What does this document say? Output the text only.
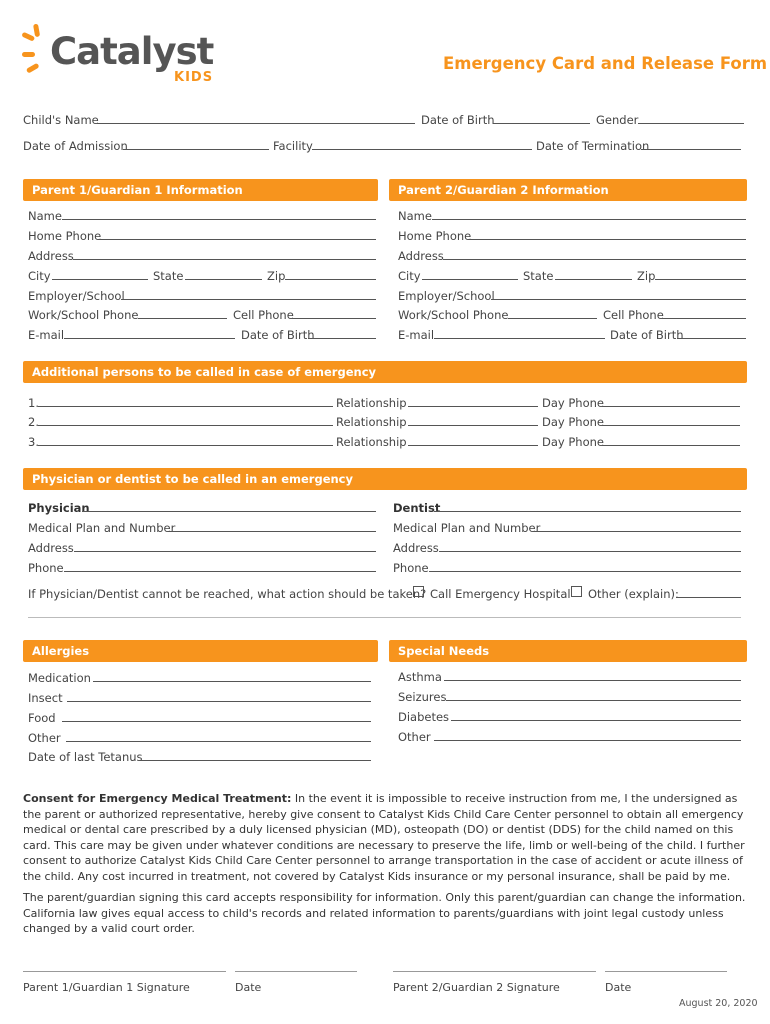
Catalyst
KIDS
Emergency Card and Release Form
Child's Name	Date of Birth	Gender
Date of Admission	Facility	Date of Termination
Parent 1/Guardian 1 Information
Name
Home Phone
Address
City	State	Zip
Employer/School
Work/School Phone	Cell Phone
E-mail	Date of Birth
Parent 2/Guardian 2 Information
Name
Home Phone
Address
City	State	Zip
Employer/School
Work/School Phone	Cell Phone
E-mail	Date of Birth
Additional persons to be called in case of emergency
1.	Relationship	Day Phone
2.	Relationship	Day Phone
3.	Relationship	Day Phone
Physician or dentist to be called in an emergency
Physician	Dentist
Medical Plan and Number	Medical Plan and Number
Address	Address
Phone	Phone
If Physician/Dentist cannot be reached, what action should be taken? Call Emergency Hospital Other (explain):
Allergies
Medication
Insect
Food
Other
Date of last Tetanus
Special Needs
Asthma
Seizures
Diabetes
Other
Consent for Emergency Medical Treatment: In the event it is impossible to receive instruction from me, I the undersigned as the parent or authorized representative, hereby give consent to Catalyst Kids Child Care Center personnel to obtain all emergency medical or dental care prescribed by a duly licensed physician (MD), osteopath (DO) or dentist (DDS) for the child named on this card. This care may be given under whatever conditions are necessary to preserve the life, limb or well-being of the child. I further consent to authorize Catalyst Kids Child Care Center personnel to arrange transportation in the case of accident or acute illness of the child. Any cost incurred in treatment, not covered by Catalyst Kids insurance or my personal insurance, shall be paid by me.
The parent/guardian signing this card accepts responsibility for information. Only this parent/guardian can change the information. California law gives equal access to child's records and related information to parents/guardians with joint legal custody unless changed by a valid court order.
Parent 1/Guardian 1 Signature	Date	Parent 2/Guardian 2 Signature	Date
August 20, 2020
